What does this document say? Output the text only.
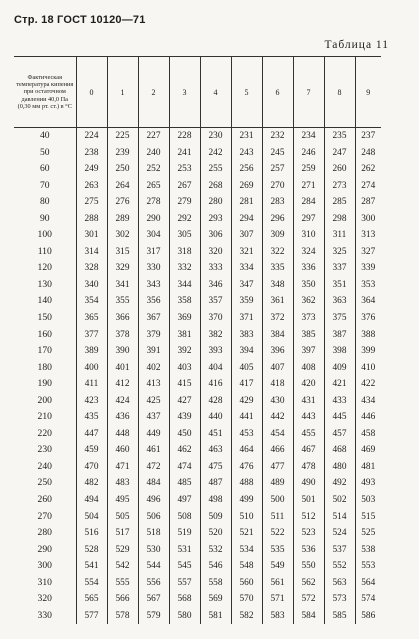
Стр. 18 ГОСТ 10120—71
Таблица 11
Фактическая температура кипения при остаточном давлении 40,0 Па (0,30 мм рт. ст.) в °С	0	1	2	3	4	5	6	7	8	9
40	224	225	227	228	230	231	232	234	235	237
50	238	239	240	241	242	243	245	246	247	248
60	249	250	252	253	255	256	257	259	260	262
70	263	264	265	267	268	269	270	271	273	274
80	275	276	278	279	280	281	283	284	285	287
90	288	289	290	292	293	294	296	297	298	300
100	301	302	304	305	306	307	309	310	311	313
110	314	315	317	318	320	321	322	324	325	327
120	328	329	330	332	333	334	335	336	337	339
130	340	341	343	344	346	347	348	350	351	353
140	354	355	356	358	357	359	361	362	363	364
150	365	366	367	369	370	371	372	373	375	376
160	377	378	379	381	382	383	384	385	387	388
170	389	390	391	392	393	394	396	397	398	399
180	400	401	402	403	404	405	407	408	409	410
190	411	412	413	415	416	417	418	420	421	422
200	423	424	425	427	428	429	430	431	433	434
210	435	436	437	439	440	441	442	443	445	446
220	447	448	449	450	451	453	454	455	457	458
230	459	460	461	462	463	464	466	467	468	469
240	470	471	472	474	475	476	477	478	480	481
250	482	483	484	485	487	488	489	490	492	493
260	494	495	496	497	498	499	500	501	502	503
270	504	505	506	508	509	510	511	512	514	515
280	516	517	518	519	520	521	522	523	524	525
290	528	529	530	531	532	534	535	536	537	538
300	541	542	544	545	546	548	549	550	552	553
310	554	555	556	557	558	560	561	562	563	564
320	565	566	567	568	569	570	571	572	573	574
330	577	578	579	580	581	582	583	584	585	586
